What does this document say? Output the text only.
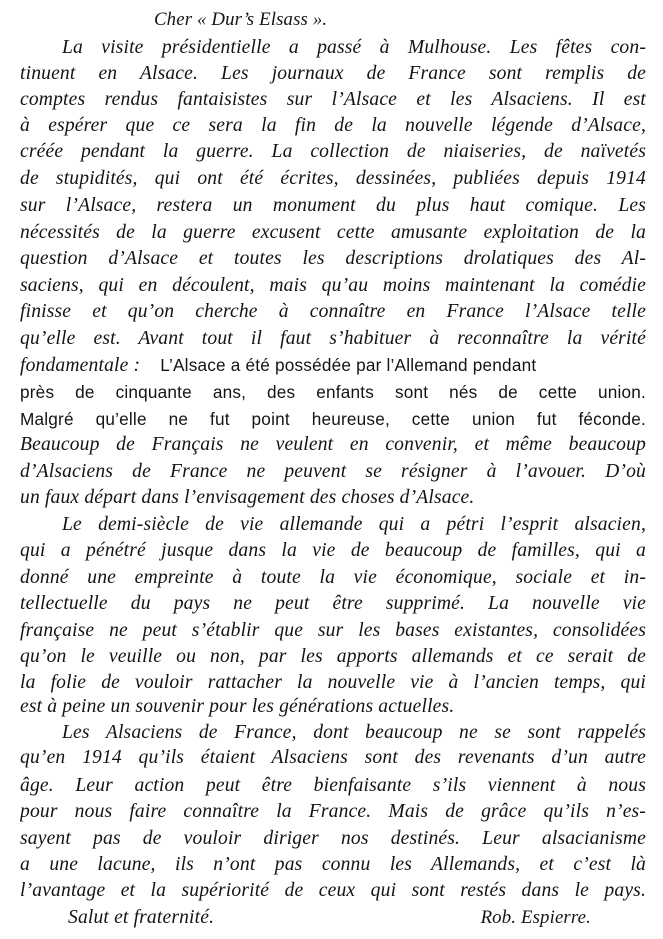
Cher « Dur’s Elsass ».
La visite présidentielle a passé à Mulhouse. Les fêtes con-
tinuent en Alsace. Les journaux de France sont remplis de
comptes rendus fantaisistes sur l’Alsace et les Alsaciens. Il est
à espérer que ce sera la fin de la nouvelle légende d’Alsace,
créée pendant la guerre. La collection de niaiseries, de naïvetés
de stupidités, qui ont été écrites, dessinées, publiées depuis 1914
sur l’Alsace, restera un monument du plus haut comique. Les
nécessités de la guerre excusent cette amusante exploitation de la
question d’Alsace et toutes les descriptions drolatiques des Al-
saciens, qui en découlent, mais qu’au moins maintenant la comédie
finisse et qu’on cherche à connaître en France l’Alsace telle
qu’elle est. Avant tout il faut s’habituer à reconnaître la vérité
fondamentale : L’Alsace a été possédée par l’Allemand pendant
près de cinquante ans, des enfants sont nés de cette union.
Malgré qu’elle ne fut point heureuse, cette union fut féconde.
Beaucoup de Français ne veulent en convenir, et même beaucoup
d’Alsaciens de France ne peuvent se résigner à l’avouer. D’où
un faux départ dans l’envisagement des choses d’Alsace.
Le demi-siècle de vie allemande qui a pétri l’esprit alsacien,
qui a pénétré jusque dans la vie de beaucoup de familles, qui a
donné une empreinte à toute la vie économique, sociale et in-
tellectuelle du pays ne peut être supprimé. La nouvelle vie
française ne peut s’établir que sur les bases existantes, consolidées
qu’on le veuille ou non, par les apports allemands et ce serait de
la folie de vouloir rattacher la nouvelle vie à l’ancien temps, qui
est à peine un souvenir pour les générations actuelles.
Les Alsaciens de France, dont beaucoup ne se sont rappelés
qu’en 1914 qu’ils étaient Alsaciens sont des revenants d’un autre
âge. Leur action peut être bienfaisante s’ils viennent à nous
pour nous faire connaître la France. Mais de grâce qu’ils n’es-
sayent pas de vouloir diriger nos destinés. Leur alsacianisme
a une lacune, ils n’ont pas connu les Allemands, et c’est là
l’avantage et la supériorité de ceux qui sont restés dans le pays.
Salut et fraternité.	Rob. Espierre.
